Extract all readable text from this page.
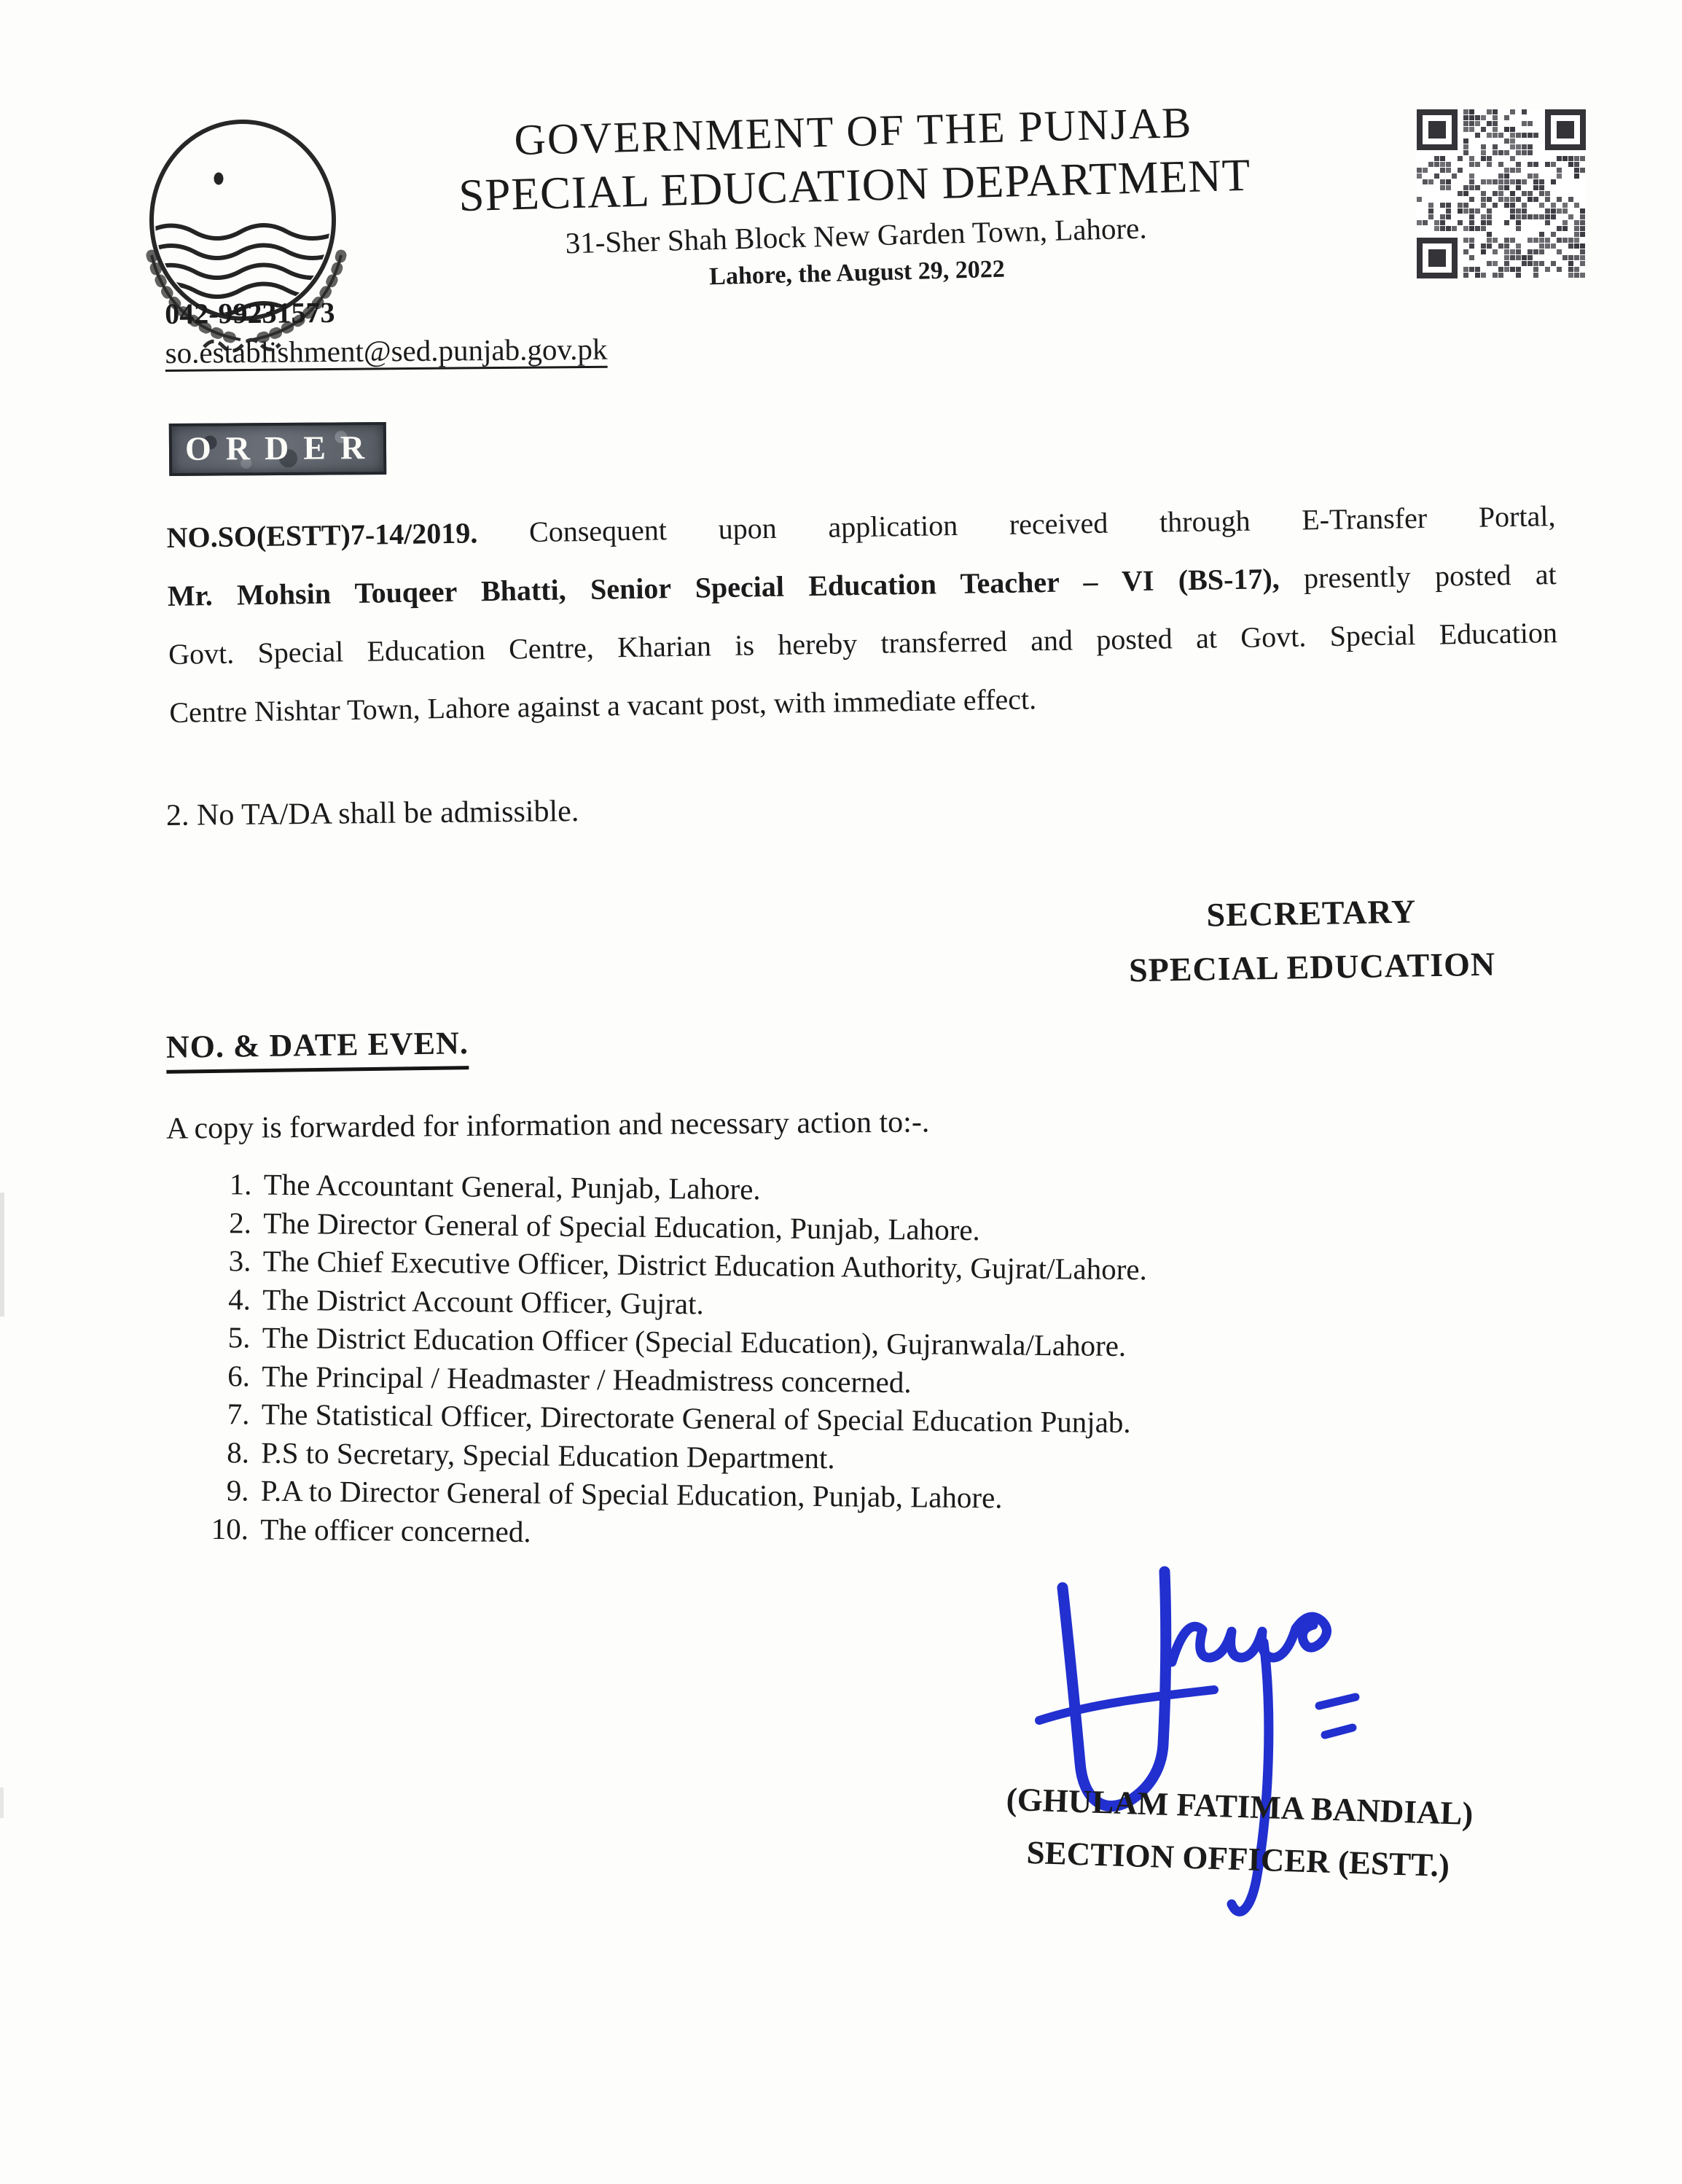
GOVERNMENT OF THE PUNJAB
SPECIAL EDUCATION DEPARTMENT
31-Sher Shah Block New Garden Town, Lahore.
Lahore, the August 29, 2022
042-99231573
so.establishment@sed.punjab.gov.pk
ORDER
NO.SO(ESTT)7-14/2019. Consequent upon application received through E-Transfer Portal,
Mr. Mohsin Touqeer Bhatti, Senior Special Education Teacher – VI (BS-17), presently posted at
Govt. Special Education Centre, Kharian is hereby transferred and posted at Govt. Special Education
Centre Nishtar Town, Lahore against a vacant post, with immediate effect.
2. No TA/DA shall be admissible.
SECRETARY
SPECIAL EDUCATION
NO. & DATE EVEN.
A copy is forwarded for information and necessary action to:-.
1. The Accountant General, Punjab, Lahore.
2. The Director General of Special Education, Punjab, Lahore.
3. The Chief Executive Officer, District Education Authority, Gujrat/Lahore.
4. The District Account Officer, Gujrat.
5. The District Education Officer (Special Education), Gujranwala/Lahore.
6. The Principal / Headmaster / Headmistress concerned.
7. The Statistical Officer, Directorate General of Special Education Punjab.
8. P.S to Secretary, Special Education Department.
9. P.A to Director General of Special Education, Punjab, Lahore.
10. The officer concerned.
(GHULAM FATIMA BANDIAL)
SECTION OFFICER (ESTT.)
